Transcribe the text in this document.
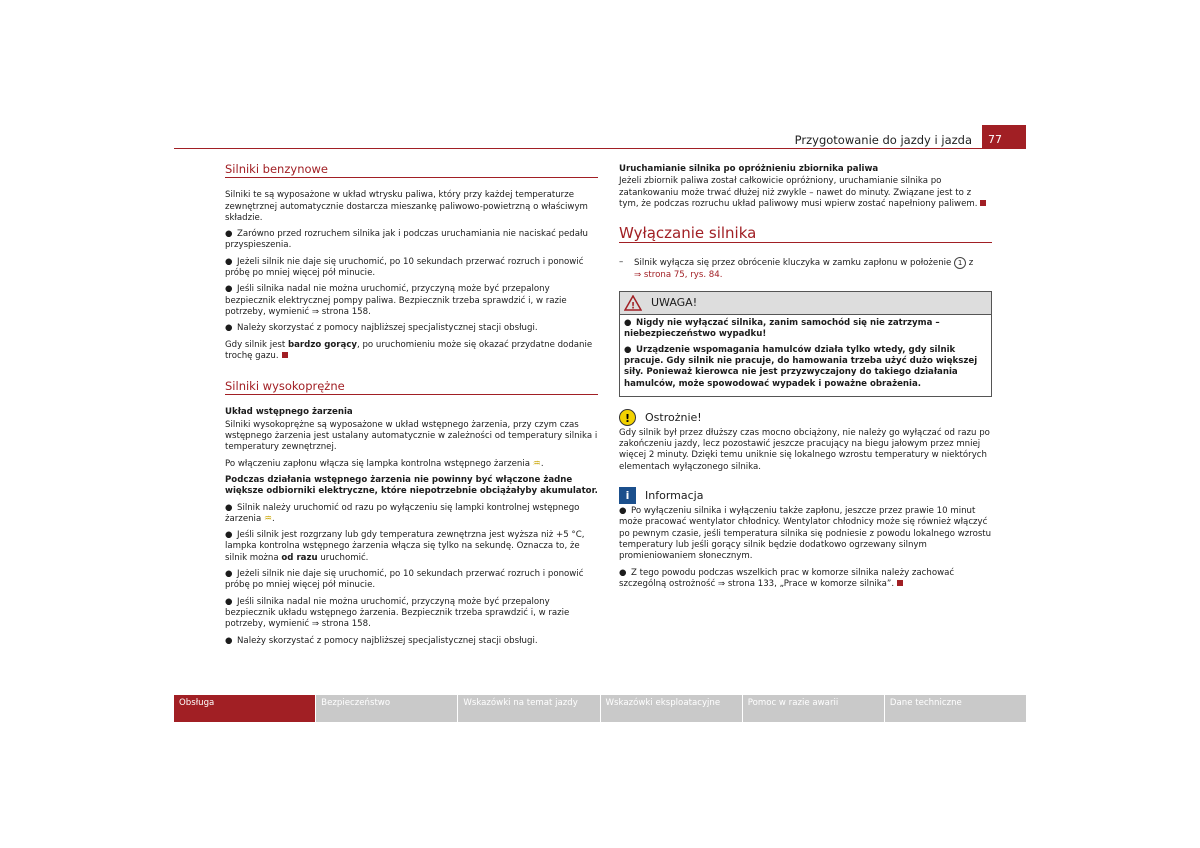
Przygotowanie do jazdy i jazda	77
Silniki benzynowe

Silniki te są wyposażone w układ wtrysku paliwa, który przy każdej temperaturze zewnętrznej automatycznie dostarcza mieszankę paliwowo-powietrzną o właściwym składzie.

● Zarówno przed rozruchem silnika jak i podczas uruchamiania nie naciskać pedału przyspieszenia.

● Jeżeli silnik nie daje się uruchomić, po 10 sekundach przerwać rozruch i ponowić próbę po mniej więcej pół minucie.

● Jeśli silnika nadal nie można uruchomić, przyczyną może być przepalony bezpiecznik elektrycznej pompy paliwa. Bezpiecznik trzeba sprawdzić i, w razie potrzeby, wymienić ⇒ strona 158.

● Należy skorzystać z pomocy najbliższej specjalistycznej stacji obsługi.

Gdy silnik jest bardzo gorący, po uruchomieniu może się okazać przydatne dodanie trochę gazu.

Silniki wysokoprężne

Układ wstępnego żarzenia

Silniki wysokoprężne są wyposażone w układ wstępnego żarzenia, przy czym czas wstępnego żarzenia jest ustalany automatycznie w zależności od temperatury silnika i temperatury zewnętrznej.

Po włączeniu zapłonu włącza się lampka kontrolna wstępnego żarzenia ♒.

Podczas działania wstępnego żarzenia nie powinny być włączone żadne większe odbiorniki elektryczne, które niepotrzebnie obciążałyby akumulator.

● Silnik należy uruchomić od razu po wyłączeniu się lampki kontrolnej wstępnego żarzenia ♒.

● Jeśli silnik jest rozgrzany lub gdy temperatura zewnętrzna jest wyższa niż +5 °C, lampka kontrolna wstępnego żarzenia włącza się tylko na sekundę. Oznacza to, że silnik można od razu uruchomić.

● Jeżeli silnik nie daje się uruchomić, po 10 sekundach przerwać rozruch i ponowić próbę po mniej więcej pół minucie.

● Jeśli silnika nadal nie można uruchomić, przyczyną może być przepalony bezpiecznik układu wstępnego żarzenia. Bezpiecznik trzeba sprawdzić i, w razie potrzeby, wymienić ⇒ strona 158.

● Należy skorzystać z pomocy najbliższej specjalistycznej stacji obsługi.

Uruchamianie silnika po opróżnieniu zbiornika paliwa

Jeżeli zbiornik paliwa został całkowicie opróżniony, uruchamianie silnika po zatankowaniu może trwać dłużej niż zwykle – nawet do minuty. Związane jest to z tym, że podczas rozruchu układ paliwowy musi wpierw zostać napełniony paliwem.

Wyłączanie silnika
–	Silnik wyłącza się przez obrócenie kluczyka w zamku zapłonu w położenie 1 z
⇒ strona 75, rys. 84.
! UWAGA!

● Nigdy nie wyłączać silnika, zanim samochód się nie zatrzyma – niebezpieczeństwo wypadku!

● Urządzenie wspomagania hamulców działa tylko wtedy, gdy silnik pracuje. Gdy silnik nie pracuje, do hamowania trzeba użyć dużo większej siły. Ponieważ kierowca nie jest przyzwyczajony do takiego działania hamulców, może spowodować wypadek i poważne obrażenia.

!	Ostrożnie!

Gdy silnik był przez dłuższy czas mocno obciążony, nie należy go wyłączać od razu po zakończeniu jazdy, lecz pozostawić jeszcze pracujący na biegu jałowym przez mniej więcej 2 minuty. Dzięki temu uniknie się lokalnego wzrostu temperatury w niektórych elementach wyłączonego silnika.

i	Informacja

● Po wyłączeniu silnika i wyłączeniu także zapłonu, jeszcze przez prawie 10 minut może pracować wentylator chłodnicy. Wentylator chłodnicy może się również włączyć po pewnym czasie, jeśli temperatura silnika się podniesie z powodu lokalnego wzrostu temperatury lub jeśli gorący silnik będzie dodatkowo ogrzewany silnym promieniowaniem słonecznym.

● Z tego powodu podczas wszelkich prac w komorze silnika należy zachować szczególną ostrożność ⇒ strona 133, „Prace w komorze silnika”.

Obsługa	Bezpieczeństwo	Wskazówki na temat jazdy	Wskazówki eksploatacyjne	Pomoc w razie awarii	Dane techniczne
